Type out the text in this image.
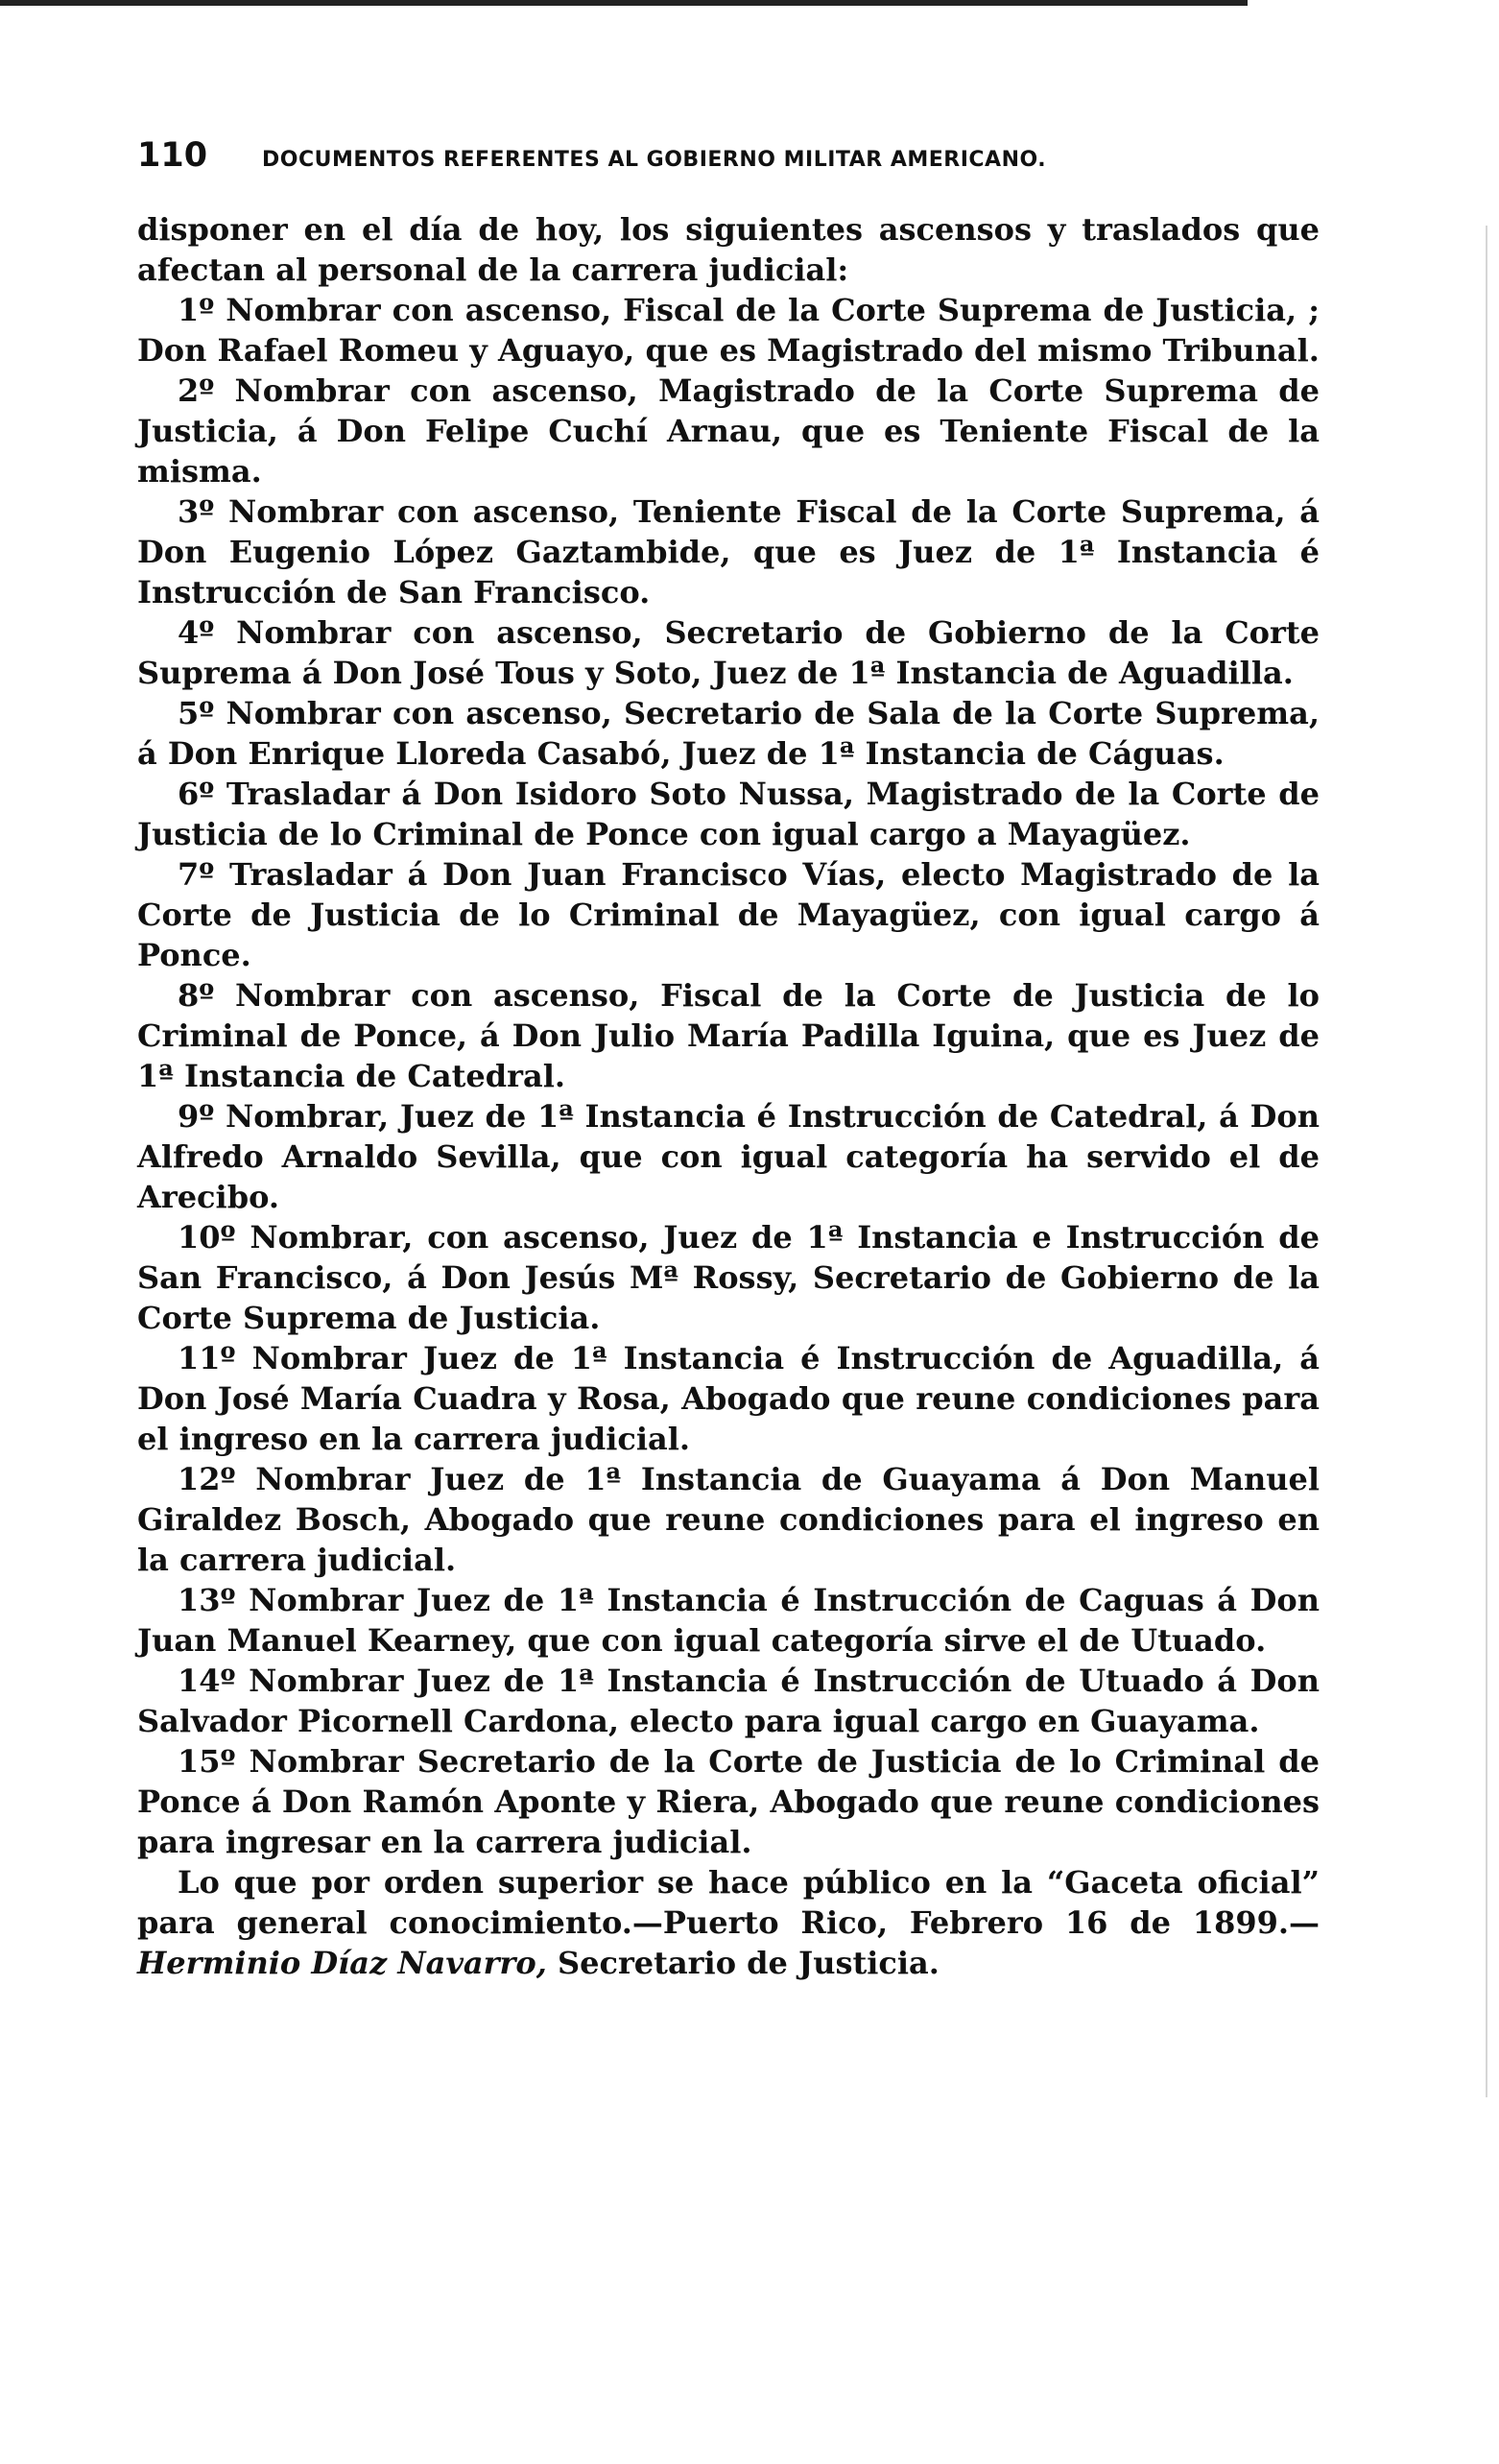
110	DOCUMENTOS REFERENTES AL GOBIERNO MILITAR AMERICANO.

disponer en el día de hoy, los siguientes ascensos y traslados que afectan al personal de la carrera judicial:

1º Nombrar con ascenso, Fiscal de la Corte Suprema de Justicia, ; Don Rafael Romeu y Aguayo, que es Magistrado del mismo Tribunal.

2º Nombrar con ascenso, Magistrado de la Corte Suprema de Justicia, á Don Felipe Cuchí Arnau, que es Teniente Fiscal de la misma.

3º Nombrar con ascenso, Teniente Fiscal de la Corte Suprema, á Don Eugenio López Gaztambide, que es Juez de 1ª Instancia é Instrucción de San Francisco.

4º Nombrar con ascenso, Secretario de Gobierno de la Corte Suprema á Don José Tous y Soto, Juez de 1ª Instancia de Aguadilla.

5º Nombrar con ascenso, Secretario de Sala de la Corte Suprema, á Don Enrique Lloreda Casabó, Juez de 1ª Instancia de Cáguas.

6º Trasladar á Don Isidoro Soto Nussa, Magistrado de la Corte de Justicia de lo Criminal de Ponce con igual cargo a Mayagüez.

7º Trasladar á Don Juan Francisco Vías, electo Magistrado de la Corte de Justicia de lo Criminal de Mayagüez, con igual cargo á Ponce.

8º Nombrar con ascenso, Fiscal de la Corte de Justicia de lo Criminal de Ponce, á Don Julio María Padilla Iguina, que es Juez de 1ª Instancia de Catedral.

9º Nombrar, Juez de 1ª Instancia é Instrucción de Catedral, á Don Alfredo Arnaldo Sevilla, que con igual categoría ha servido el de Arecibo.

10º Nombrar, con ascenso, Juez de 1ª Instancia e Instrucción de San Francisco, á Don Jesús Mª Rossy, Secretario de Gobierno de la Corte Suprema de Justicia.

11º Nombrar Juez de 1ª Instancia é Instrucción de Aguadilla, á Don José María Cuadra y Rosa, Abogado que reune condiciones para el ingreso en la carrera judicial.

12º Nombrar Juez de 1ª Instancia de Guayama á Don Manuel Giraldez Bosch, Abogado que reune condiciones para el ingreso en la carrera judicial.

13º Nombrar Juez de 1ª Instancia é Instrucción de Caguas á Don Juan Manuel Kearney, que con igual categoría sirve el de Utuado.

14º Nombrar Juez de 1ª Instancia é Instrucción de Utuado á Don Salvador Picornell Cardona, electo para igual cargo en Guayama.

15º Nombrar Secretario de la Corte de Justicia de lo Criminal de Ponce á Don Ramón Aponte y Riera, Abogado que reune condiciones para ingresar en la carrera judicial.

Lo que por orden superior se hace público en la “Gaceta oficial” para general conocimiento.—Puerto Rico, Febrero 16 de 1899.—Herminio Díaz Navarro, Secretario de Justicia.
